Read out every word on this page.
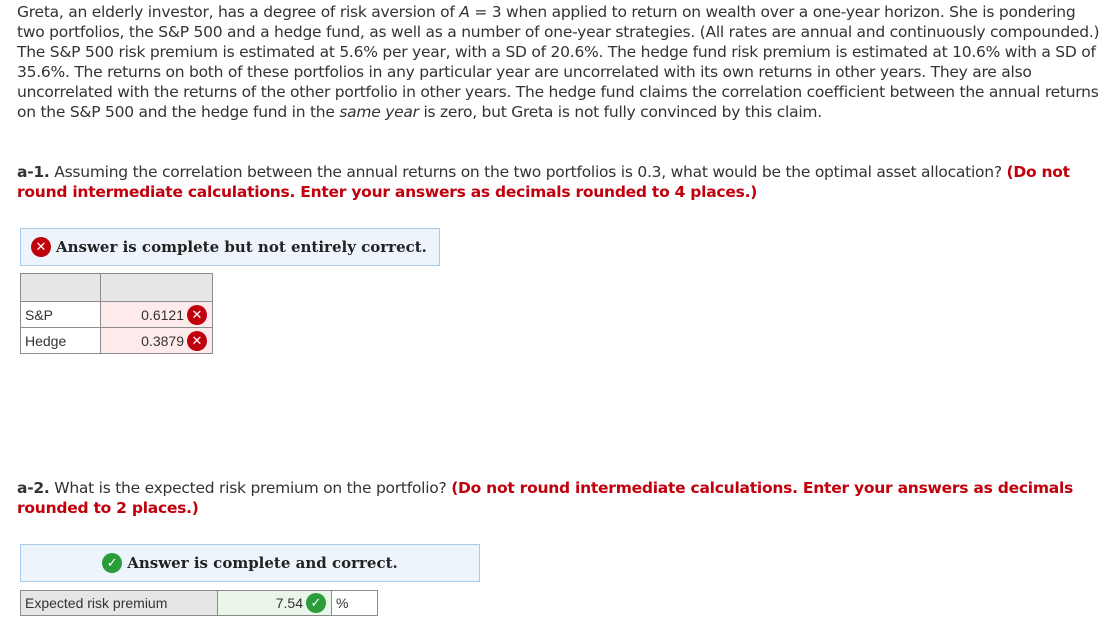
Greta, an elderly investor, has a degree of risk aversion of A = 3 when applied to return on wealth over a one-year horizon. She is pondering two portfolios, the S&P 500 and a hedge fund, as well as a number of one-year strategies. (All rates are annual and continuously compounded.) The S&P 500 risk premium is estimated at 5.6% per year, with a SD of 20.6%. The hedge fund risk premium is estimated at 10.6% with a SD of 35.6%. The returns on both of these portfolios in any particular year are uncorrelated with its own returns in other years. They are also uncorrelated with the returns of the other portfolio in other years. The hedge fund claims the correlation coefficient between the annual returns on the S&P 500 and the hedge fund in the same year is zero, but Greta is not fully convinced by this claim.

a-1. Assuming the correlation between the annual returns on the two portfolios is 0.3, what would be the optimal asset allocation? (Do not round intermediate calculations. Enter your answers as decimals rounded to 4 places.)

✕ Answer is complete but not entirely correct.

S&P	0.6121 ✕

Hedge	0.3879 ✕

a-2. What is the expected risk premium on the portfolio? (Do not round intermediate calculations. Enter your answers as decimals rounded to 2 places.)

✓ Answer is complete and correct.
Expected risk premium	7.54 ✓	%
